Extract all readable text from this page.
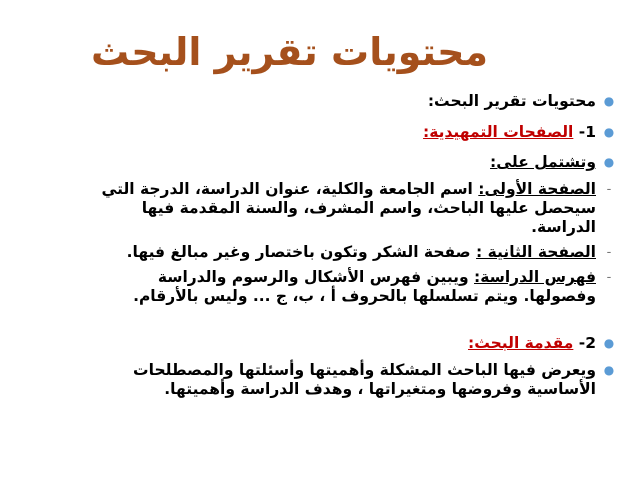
محتويات تقرير البحث
●
محتويات تقرير البحث:
●
1- الصفحات التمهيدية:
●
وتشتمل على:
-
الصفحة الأولى: اسم الجامعة والكلية، عنوان الدراسة، الدرجة التي
سيحصل عليها الباحث، واسم المشرف، والسنة المقدمة فيها
الدراسة.
-
الصفحة الثانية : صفحة الشكر وتكون باختصار وغير مبالغ فيها.
-
فهرس الدراسة: ويبين فهرس الأشكال والرسوم والدراسة
وفصولها. ويتم تسلسلها بالحروف أ ، ب، ج ... وليس بالأرقام.
●
2- مقدمة البحث:
●
ويعرض فيها الباحث المشكلة وأهميتها وأسئلتها والمصطلحات
الأساسية وفروضها ومتغيراتها ، وهدف الدراسة وأهميتها.
